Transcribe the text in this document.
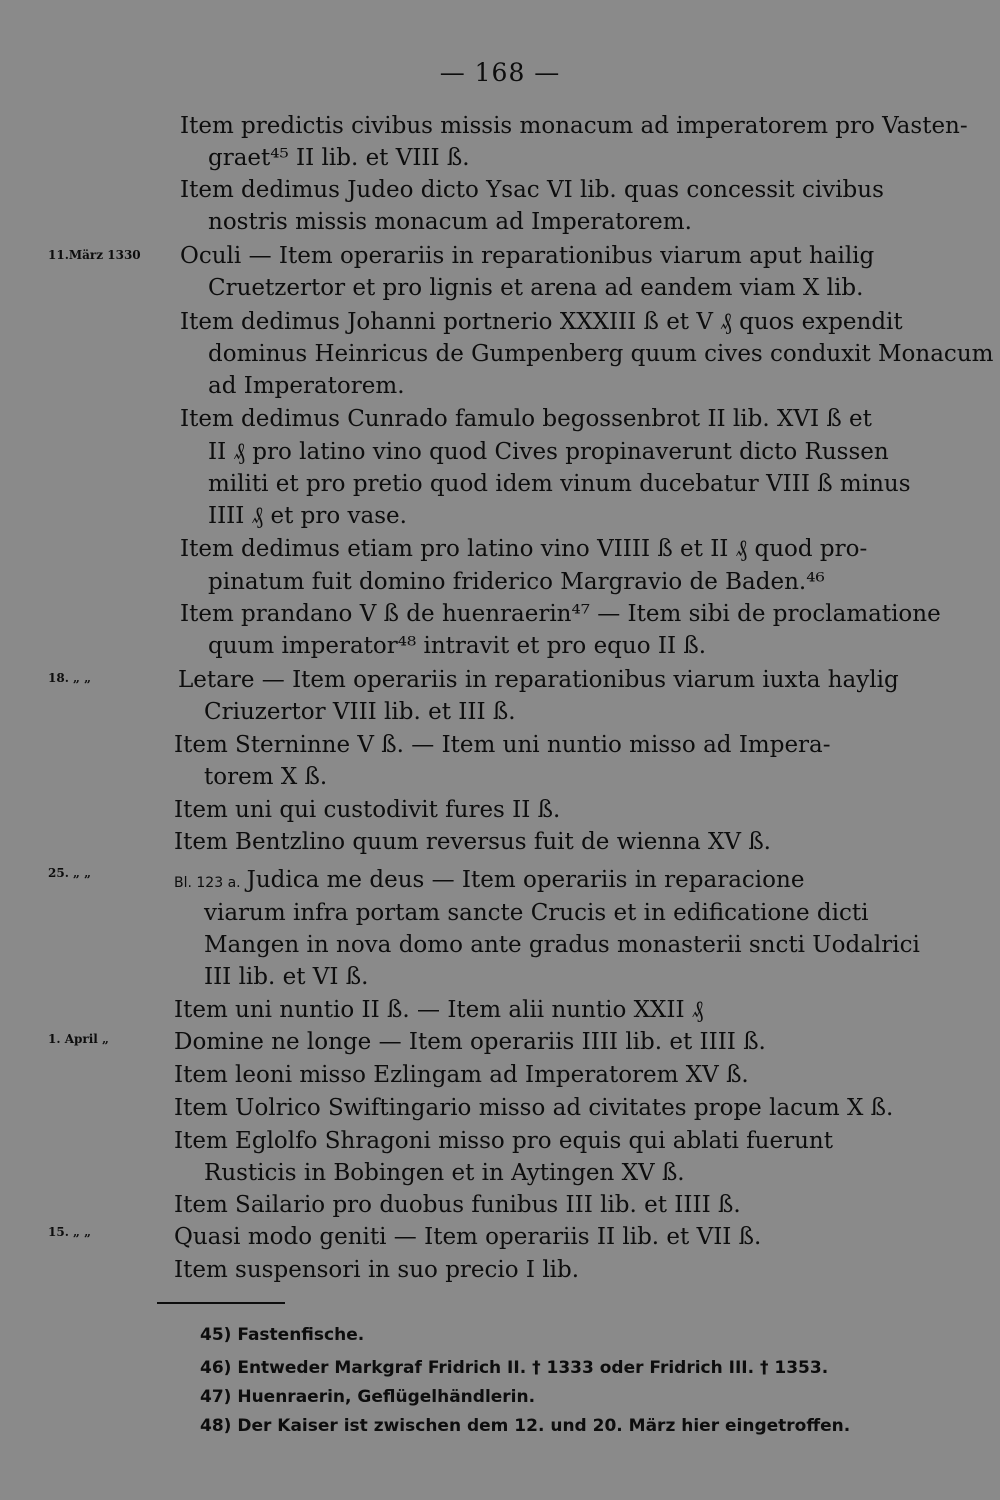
— 168 —
11.März 1330
18. „ „
25. „ „
1. April „
15. „ „
Item predictis civibus missis monacum ad imperatorem pro Vasten-
graet⁴⁵ II lib. et VIII ß.
Item dedimus Judeo dicto Ysac VI lib. quas concessit civibus
nostris missis monacum ad Imperatorem.
Oculi — Item operariis in reparationibus viarum aput hailig
Cruetzertor et pro lignis et arena ad eandem viam X lib.
Item dedimus Johanni portnerio XXXIII ß et V ₰ quos expendit
dominus Heinricus de Gumpenberg quum cives conduxit Monacum
ad Imperatorem.
Item dedimus Cunrado famulo begossenbrot II lib. XVI ß et
II ₰ pro latino vino quod Cives propinaverunt dicto Russen
militi et pro pretio quod idem vinum ducebatur VIII ß minus
IIII ₰ et pro vase.
Item dedimus etiam pro latino vino VIIII ß et II ₰ quod pro-
pinatum fuit domino friderico Margravio de Baden.⁴⁶
Item prandano V ß de huenraerin⁴⁷ — Item sibi de proclamatione
quum imperator⁴⁸ intravit et pro equo II ß.
Letare — Item operariis in reparationibus viarum iuxta haylig
Criuzertor VIII lib. et III ß.
Item Sterninne V ß. — Item uni nuntio misso ad Impera-
torem X ß.
Item uni qui custodivit fures II ß.
Item Bentzlino quum reversus fuit de wienna XV ß.
Bl. 123 a. Judica me deus — Item operariis in reparacione
viarum infra portam sancte Crucis et in edificatione dicti
Mangen in nova domo ante gradus monasterii sncti Uodalrici
III lib. et VI ß.
Item uni nuntio II ß. — Item alii nuntio XXII ₰
Domine ne longe — Item operariis IIII lib. et IIII ß.
Item leoni misso Ezlingam ad Imperatorem XV ß.
Item Uolrico Swiftingario misso ad civitates prope lacum X ß.
Item Eglolfo Shragoni misso pro equis qui ablati fuerunt
Rusticis in Bobingen et in Aytingen XV ß.
Item Sailario pro duobus funibus III lib. et IIII ß.
Quasi modo geniti — Item operariis II lib. et VII ß.
Item suspensori in suo precio I lib.
45) Fastenfische.
46) Entweder Markgraf Fridrich II. † 1333 oder Fridrich III. † 1353.
47) Huenraerin, Geflügelhändlerin.
48) Der Kaiser ist zwischen dem 12. und 20. März hier eingetroffen.
